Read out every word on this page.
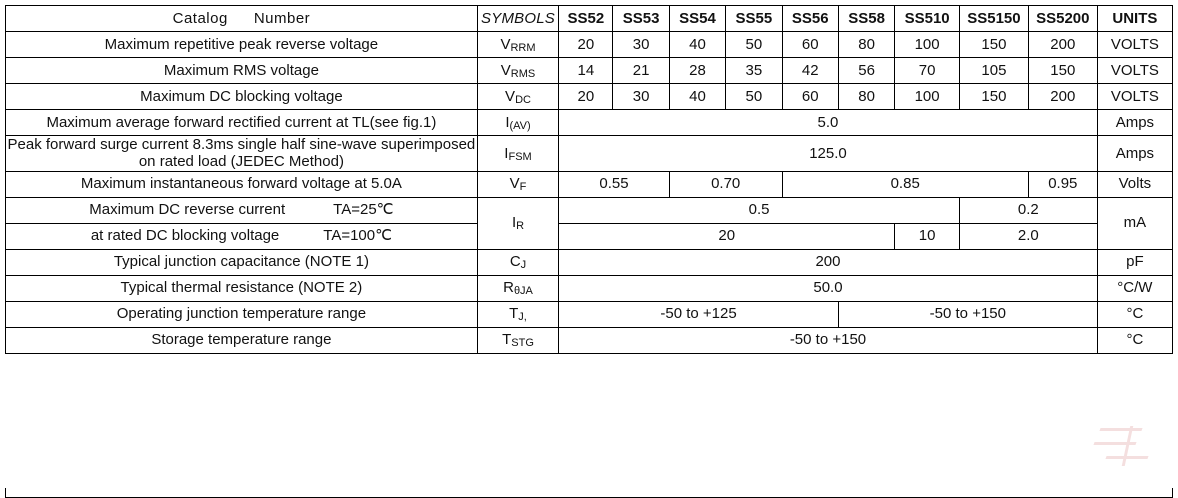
Catalog Number	SYMBOLS	SS52	SS53	SS54	SS55	SS56	SS58	SS510	SS5150	SS5200	UNITS
Maximum repetitive peak reverse voltage	VRRM	20	30	40	50	60	80	100	150	200	VOLTS
Maximum RMS voltage	VRMS	14	21	28	35	42	56	70	105	150	VOLTS
Maximum DC blocking voltage	VDC	20	30	40	50	60	80	100	150	200	VOLTS
Maximum average forward rectified current at TL(see fig.1)	I(AV)	5.0									Amps
Peak forward surge current 8.3ms single half sine-wave superimposed on rated load (JEDEC Method)	IFSM	125.0									Amps
Maximum instantaneous forward voltage at 5.0A	VF	0.55		0.70		0.85				0.95	Volts
Maximum DC reverse current TA=25℃	IR	0.5							0.2		mA
at rated DC blocking voltage TA=100℃		20						10	2.0		
Typical junction capacitance (NOTE 1)	CJ	200									pF
Typical thermal resistance (NOTE 2)	RθJA	50.0									°C/W
Operating junction temperature range	TJ,	-50 to +125					-50 to +150				°C
Storage temperature range	TSTG	-50 to +150									°C
